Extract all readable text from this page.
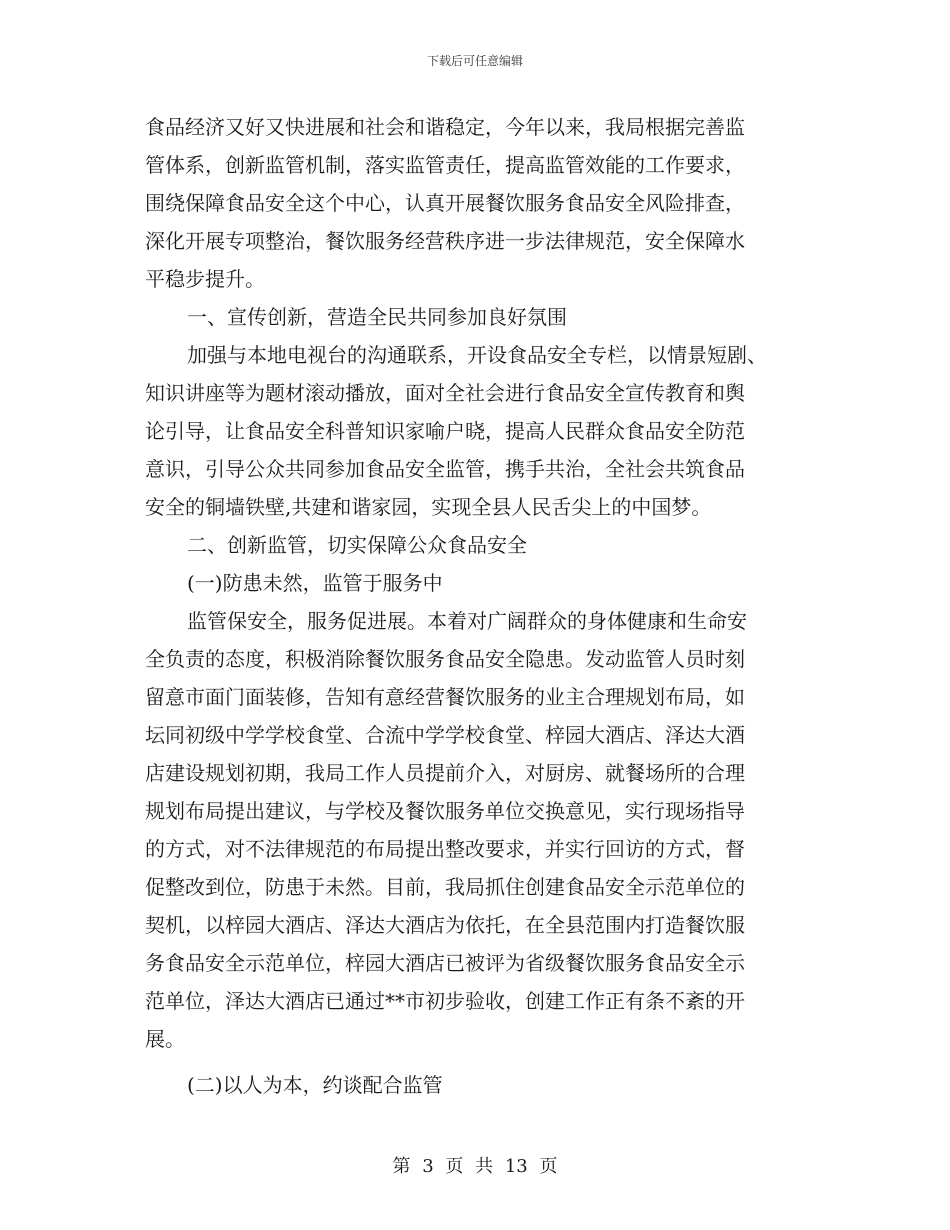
下载后可任意编辑
食品经济又好又快进展和社会和谐稳定，今年以来，我局根据完善监
管体系，创新监管机制，落实监管责任，提高监管效能的工作要求，
围绕保障食品安全这个中心，认真开展餐饮服务食品安全风险排查，
深化开展专项整治，餐饮服务经营秩序进一步法律规范，安全保障水
平稳步提升。
一、宣传创新，营造全民共同参加良好氛围
加强与本地电视台的沟通联系，开设食品安全专栏，以情景短剧、
知识讲座等为题材滚动播放，面对全社会进行食品安全宣传教育和舆
论引导，让食品安全科普知识家喻户晓，提高人民群众食品安全防范
意识，引导公众共同参加食品安全监管，携手共治，全社会共筑食品
安全的铜墙铁壁,共建和谐家园，实现全县人民舌尖上的中国梦。
二、创新监管，切实保障公众食品安全
(一)防患未然，监管于服务中
监管保安全，服务促进展。本着对广阔群众的身体健康和生命安
全负责的态度，积极消除餐饮服务食品安全隐患。发动监管人员时刻
留意市面门面装修，告知有意经营餐饮服务的业主合理规划布局，如
坛同初级中学学校食堂、合流中学学校食堂、梓园大酒店、泽达大酒
店建设规划初期，我局工作人员提前介入，对厨房、就餐场所的合理
规划布局提出建议，与学校及餐饮服务单位交换意见，实行现场指导
的方式，对不法律规范的布局提出整改要求，并实行回访的方式，督
促整改到位，防患于未然。目前，我局抓住创建食品安全示范单位的
契机，以梓园大酒店、泽达大酒店为依托，在全县范围内打造餐饮服
务食品安全示范单位，梓园大酒店已被评为省级餐饮服务食品安全示
范单位，泽达大酒店已通过**市初步验收，创建工作正有条不紊的开
展。
(二)以人为本，约谈配合监管
第 3 页 共 13 页
